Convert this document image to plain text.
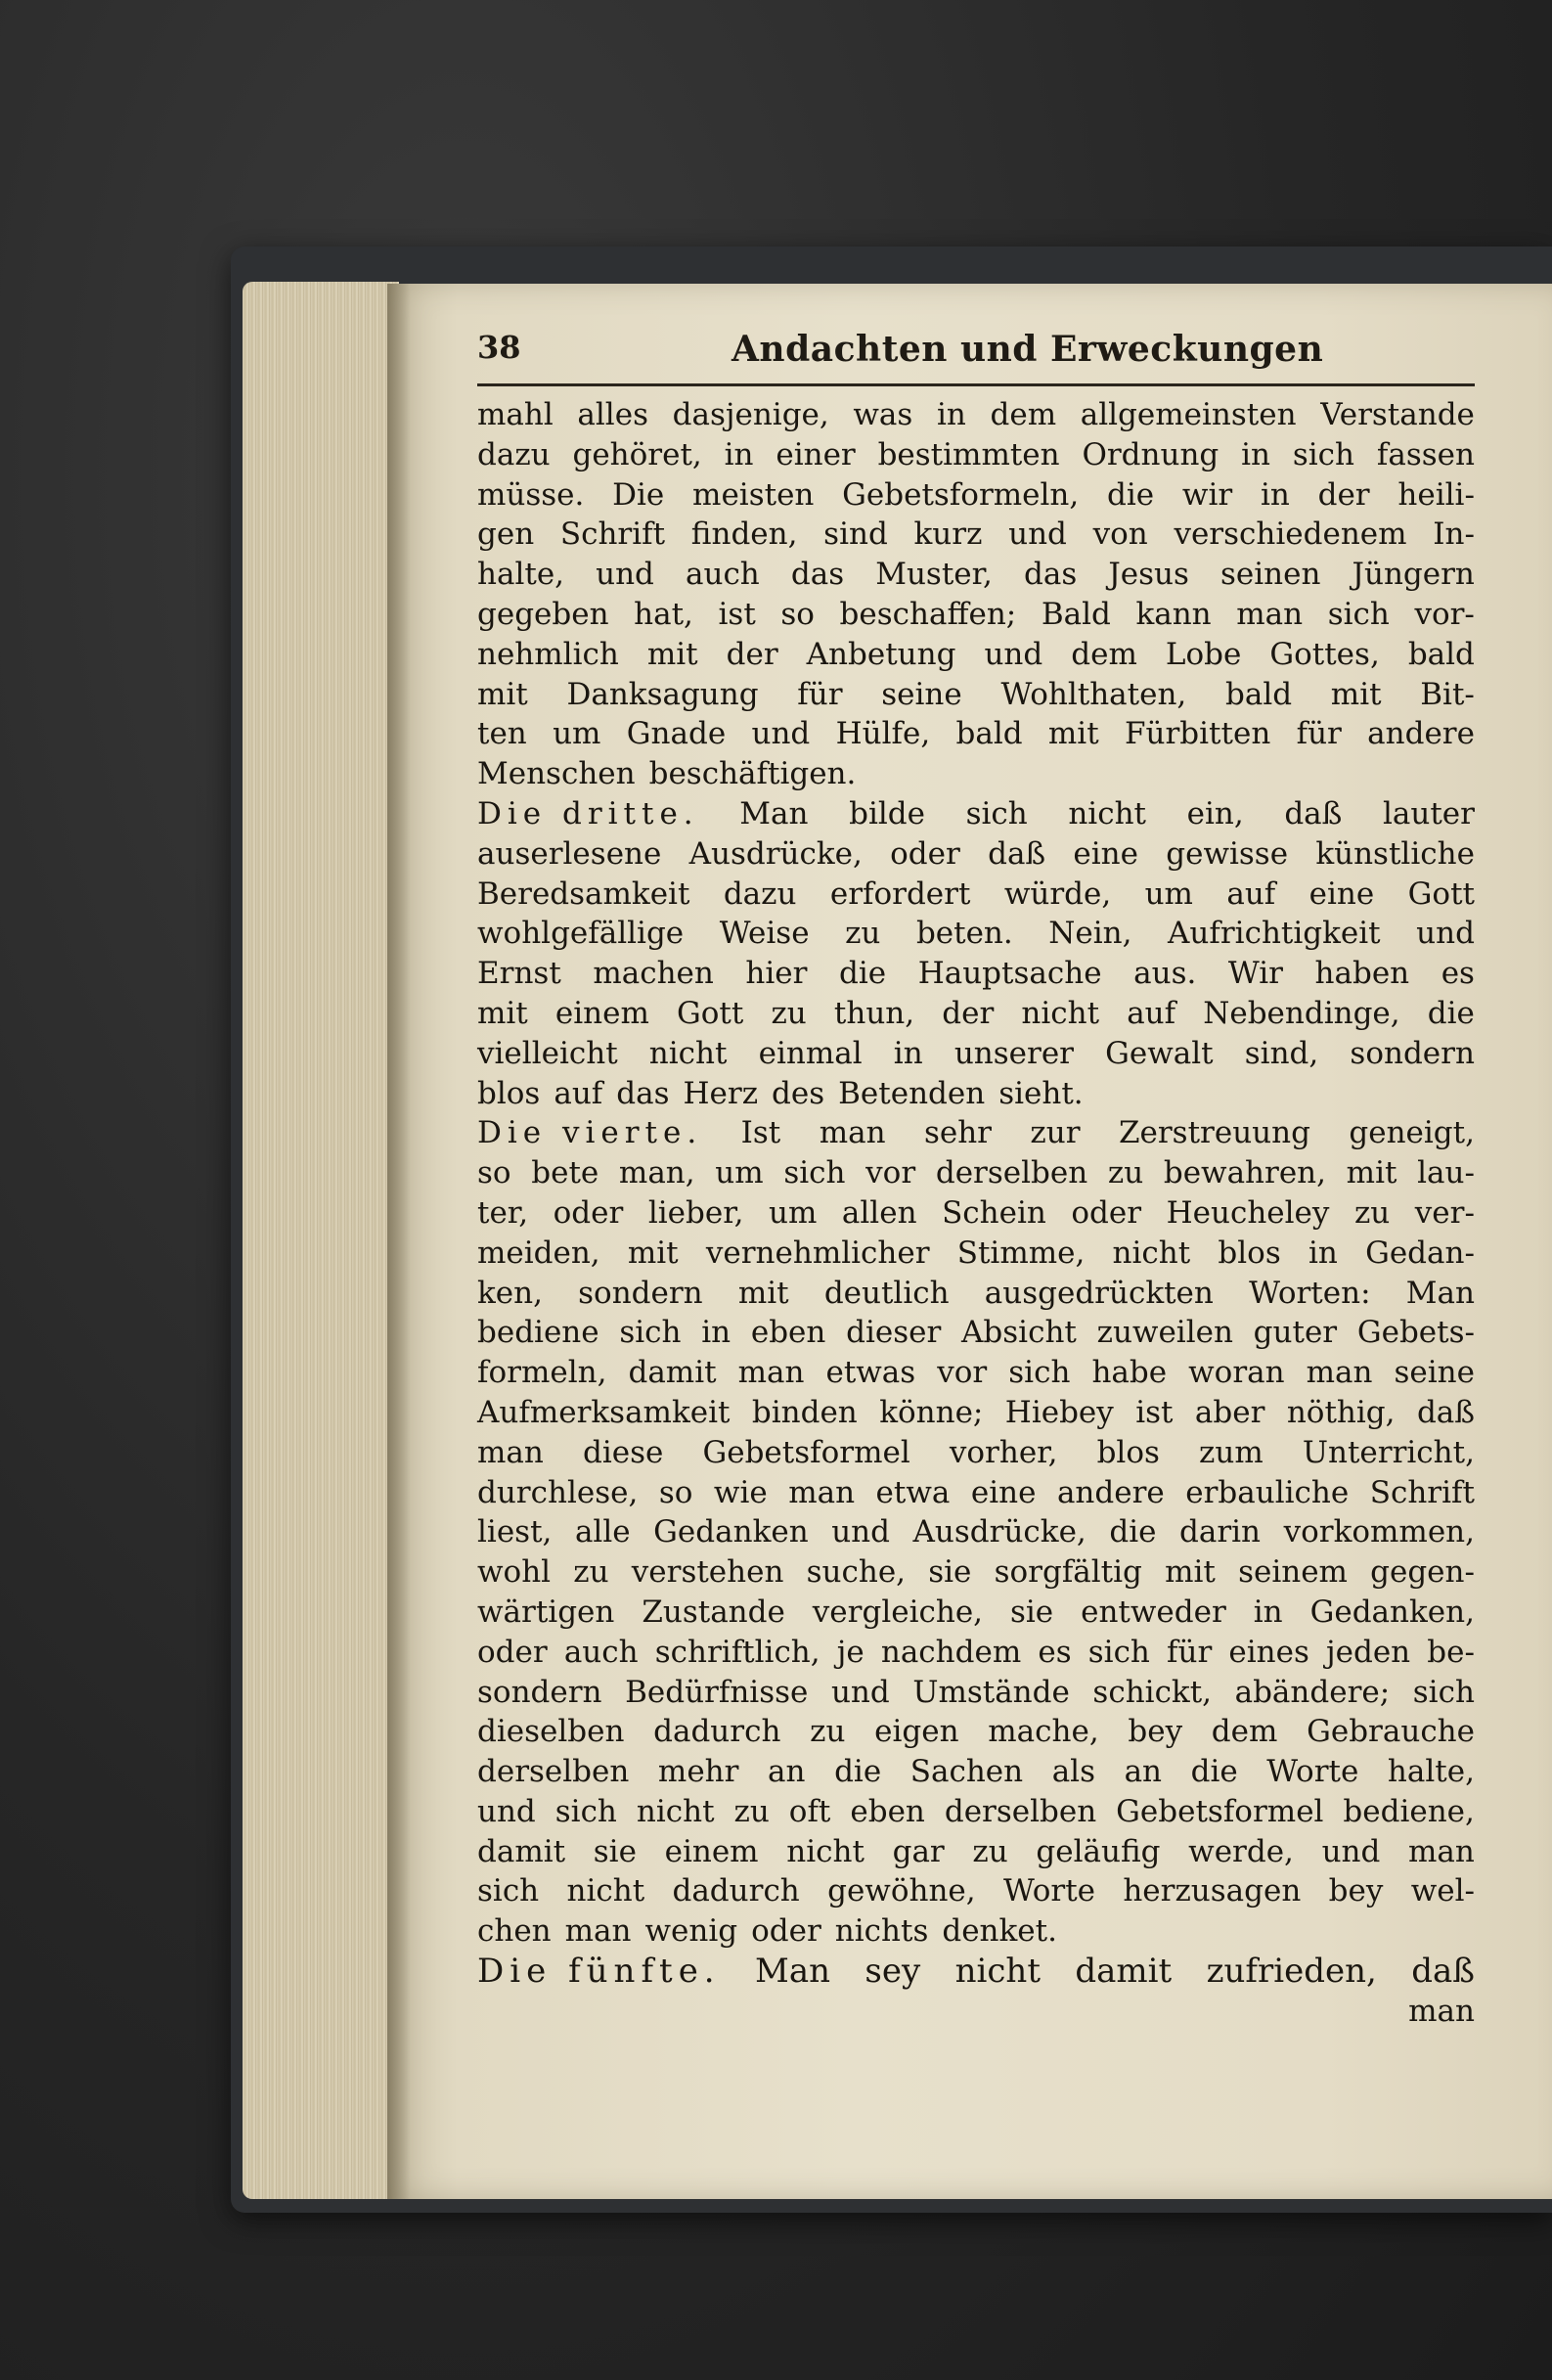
38	Andachten und Erweckungen
mahl alles dasjenige, was in dem allgemeinsten Verstande
dazu gehöret, in einer bestimmten Ordnung in sich fassen
müsse. Die meisten Gebetsformeln, die wir in der heili-
gen Schrift finden, sind kurz und von verschiedenem In-
halte, und auch das Muster, das Jesus seinen Jüngern
gegeben hat, ist so beschaffen; Bald kann man sich vor-
nehmlich mit der Anbetung und dem Lobe Gottes, bald
mit Danksagung für seine Wohlthaten, bald mit Bit-
ten um Gnade und Hülfe, bald mit Fürbitten für andere
Menschen beschäftigen.
Die dritte. Man bilde sich nicht ein, daß lauter
auserlesene Ausdrücke, oder daß eine gewisse künstliche
Beredsamkeit dazu erfordert würde, um auf eine Gott
wohlgefällige Weise zu beten. Nein, Aufrichtigkeit und
Ernst machen hier die Hauptsache aus. Wir haben es
mit einem Gott zu thun, der nicht auf Nebendinge, die
vielleicht nicht einmal in unserer Gewalt sind, sondern
blos auf das Herz des Betenden sieht.
Die vierte. Ist man sehr zur Zerstreuung geneigt,
so bete man, um sich vor derselben zu bewahren, mit lau-
ter, oder lieber, um allen Schein oder Heucheley zu ver-
meiden, mit vernehmlicher Stimme, nicht blos in Gedan-
ken, sondern mit deutlich ausgedrückten Worten: Man
bediene sich in eben dieser Absicht zuweilen guter Gebets-
formeln, damit man etwas vor sich habe woran man seine
Aufmerksamkeit binden könne; Hiebey ist aber nöthig, daß
man diese Gebetsformel vorher, blos zum Unterricht,
durchlese, so wie man etwa eine andere erbauliche Schrift
liest, alle Gedanken und Ausdrücke, die darin vorkommen,
wohl zu verstehen suche, sie sorgfältig mit seinem gegen-
wärtigen Zustande vergleiche, sie entweder in Gedanken,
oder auch schriftlich, je nachdem es sich für eines jeden be-
sondern Bedürfnisse und Umstände schickt, abändere; sich
dieselben dadurch zu eigen mache, bey dem Gebrauche
derselben mehr an die Sachen als an die Worte halte,
und sich nicht zu oft eben derselben Gebetsformel bediene,
damit sie einem nicht gar zu geläufig werde, und man
sich nicht dadurch gewöhne, Worte herzusagen bey wel-
chen man wenig oder nichts denket.
Die fünfte. Man sey nicht damit zufrieden, daß
man
